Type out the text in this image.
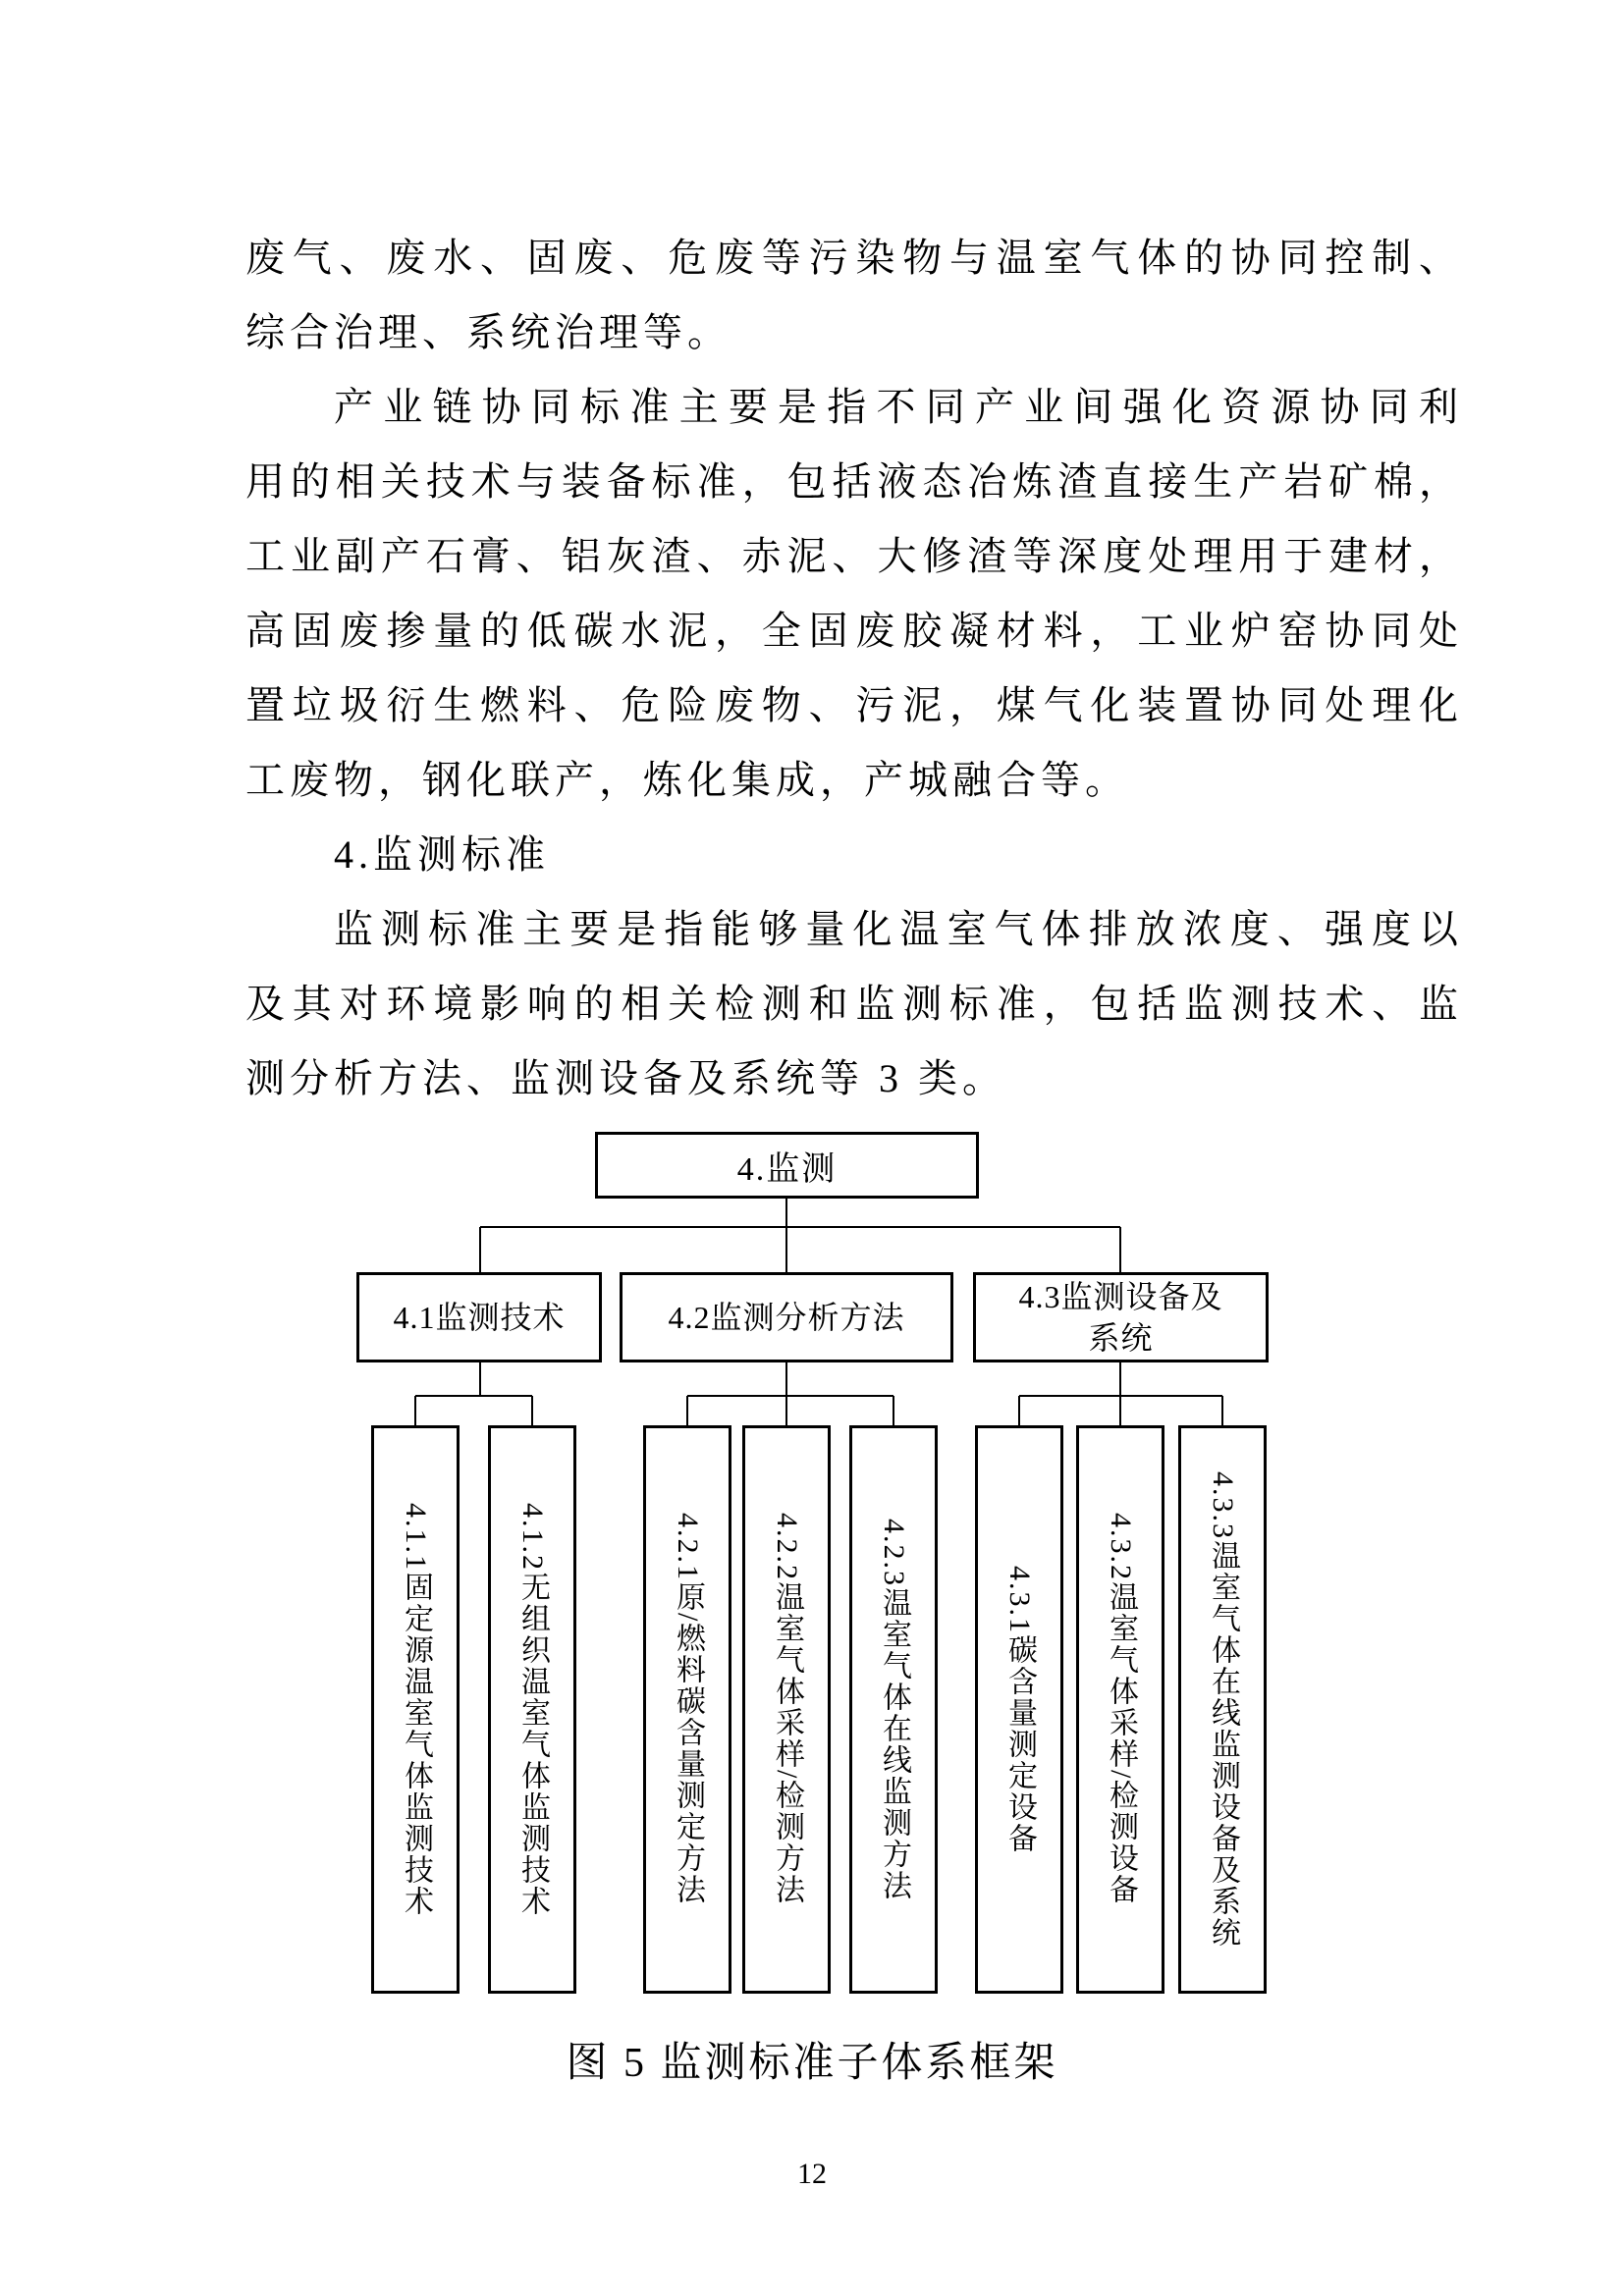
废气、废水、固废、危废等污染物与温室气体的协同控制、
综合治理、系统治理等。
产业链协同标准主要是指不同产业间强化资源协同利
用的相关技术与装备标准，包括液态冶炼渣直接生产岩矿棉，
工业副产石膏、铝灰渣、赤泥、大修渣等深度处理用于建材，
高固废掺量的低碳水泥，全固废胶凝材料，工业炉窑协同处
置垃圾衍生燃料、危险废物、污泥，煤气化装置协同处理化
工废物，钢化联产，炼化集成，产城融合等。
4.监测标准
监测标准主要是指能够量化温室气体排放浓度、强度以
及其对环境影响的相关检测和监测标准，包括监测技术、监
测分析方法、监测设备及系统等 3 类。
4.监测
4.1监测技术	4.2监测分析方法
4.3监测设备及系统
4.1.1固定源温室气体监测技术	4.1.2无组织温室气体监测技术	4.2.1原/燃料碳含量测定方法	4.2.2温室气体采样/检测方法	4.2.3温室气体在线监测方法	4.3.1碳含量测定设备	4.3.2温室气体采样/检测设备	4.3.3温室气体在线监测设备及系统
图 5 监测标准子体系框架
12
